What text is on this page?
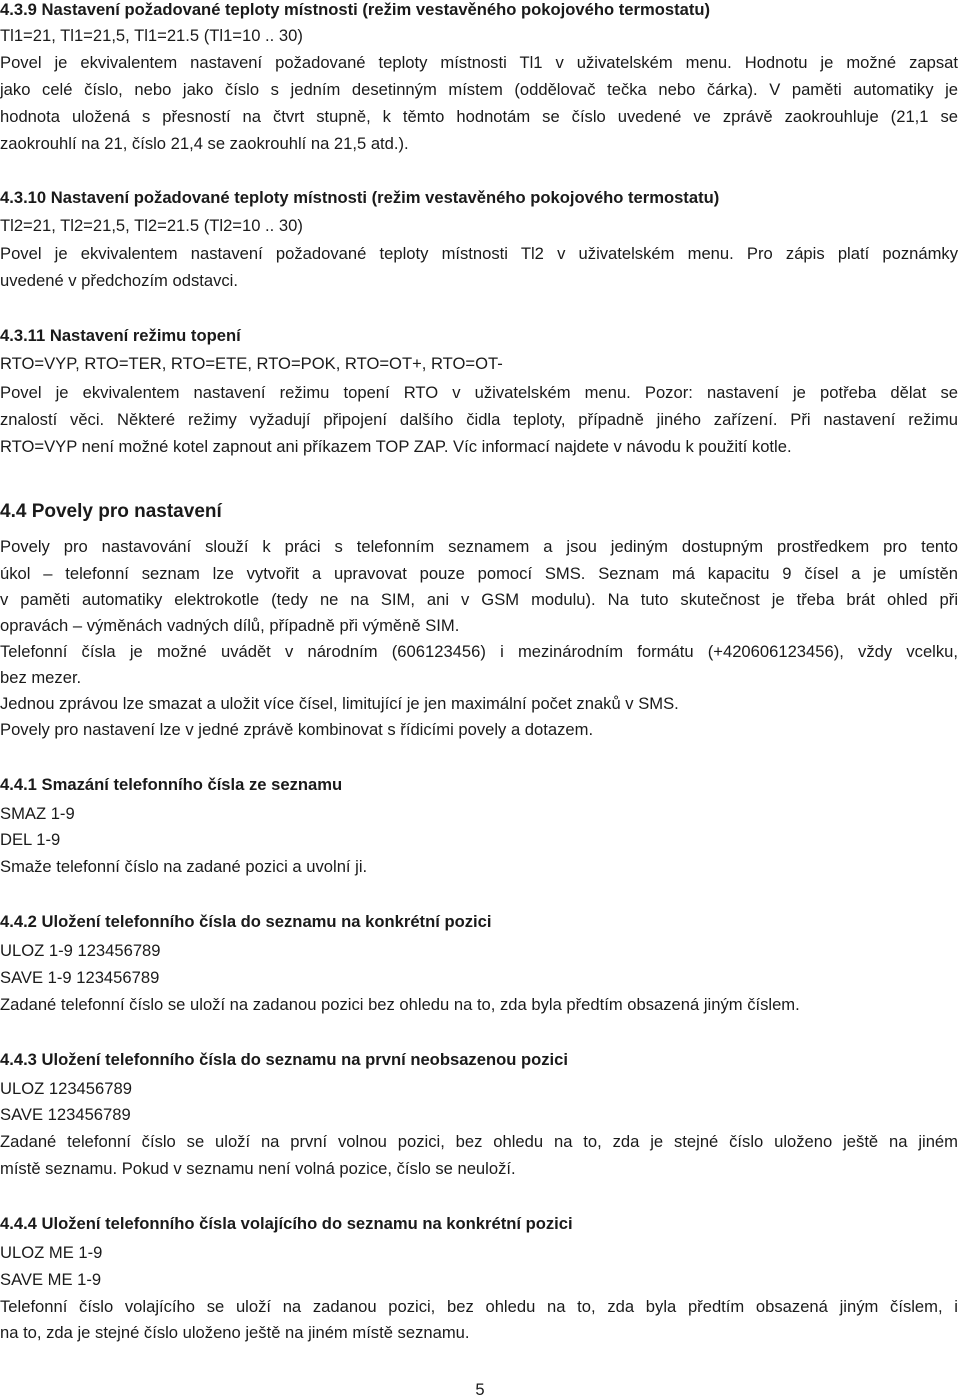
4.3.9 Nastavení požadované teploty místnosti (režim vestavěného pokojového termostatu)

Tl1=21, Tl1=21,5, Tl1=21.5 (Tl1=10 .. 30)

Povel je ekvivalentem nastavení požadované teploty místnosti Tl1 v uživatelském menu. Hodnotu je možné zapsat

jako celé číslo, nebo jako číslo s jedním desetinným místem (oddělovač tečka nebo čárka). V paměti automatiky je

hodnota uložená s přesností na čtvrt stupně, k těmto hodnotám se číslo uvedené ve zprávě zaokrouhluje (21,1 se

zaokrouhlí na 21, číslo 21,4 se zaokrouhlí na 21,5 atd.).

4.3.10 Nastavení požadované teploty místnosti (režim vestavěného pokojového termostatu)

Tl2=21, Tl2=21,5, Tl2=21.5 (Tl2=10 .. 30)

Povel je ekvivalentem nastavení požadované teploty místnosti Tl2 v uživatelském menu. Pro zápis platí poznámky

uvedené v předchozím odstavci.

4.3.11 Nastavení režimu topení

RTO=VYP, RTO=TER, RTO=ETE, RTO=POK, RTO=OT+, RTO=OT-

Povel je ekvivalentem nastavení režimu topení RTO v uživatelském menu. Pozor: nastavení je potřeba dělat se

znalostí věci. Některé režimy vyžadují připojení dalšího čidla teploty, případně jiného zařízení. Při nastavení režimu

RTO=VYP není možné kotel zapnout ani příkazem TOP ZAP. Víc informací najdete v návodu k použití kotle.

4.4 Povely pro nastavení

Povely pro nastavování slouží k práci s telefonním seznamem a jsou jediným dostupným prostředkem pro tento

úkol – telefonní seznam lze vytvořit a upravovat pouze pomocí SMS. Seznam má kapacitu 9 čísel a je umístěn

v paměti automatiky elektrokotle (tedy ne na SIM, ani v GSM modulu). Na tuto skutečnost je třeba brát ohled při

opravách – výměnách vadných dílů, případně při výměně SIM.

Telefonní čísla je možné uvádět v národním (606123456) i mezinárodním formátu (+420606123456), vždy vcelku,

bez mezer.

Jednou zprávou lze smazat a uložit více čísel, limitující je jen maximální počet znaků v SMS.

Povely pro nastavení lze v jedné zprávě kombinovat s řídicími povely a dotazem.

4.4.1 Smazání telefonního čísla ze seznamu

SMAZ 1-9

DEL 1-9

Smaže telefonní číslo na zadané pozici a uvolní ji.

4.4.2 Uložení telefonního čísla do seznamu na konkrétní pozici

ULOZ 1-9 123456789

SAVE 1-9 123456789

Zadané telefonní číslo se uloží na zadanou pozici bez ohledu na to, zda byla předtím obsazená jiným číslem.

4.4.3 Uložení telefonního čísla do seznamu na první neobsazenou pozici

ULOZ 123456789

SAVE 123456789

Zadané telefonní číslo se uloží na první volnou pozici, bez ohledu na to, zda je stejné číslo uloženo ještě na jiném

místě seznamu. Pokud v seznamu není volná pozice, číslo se neuloží.

4.4.4 Uložení telefonního čísla volajícího do seznamu na konkrétní pozici

ULOZ ME 1-9

SAVE ME 1-9

Telefonní číslo volajícího se uloží na zadanou pozici, bez ohledu na to, zda byla předtím obsazená jiným číslem, i

na to, zda je stejné číslo uloženo ještě na jiném místě seznamu.

5
